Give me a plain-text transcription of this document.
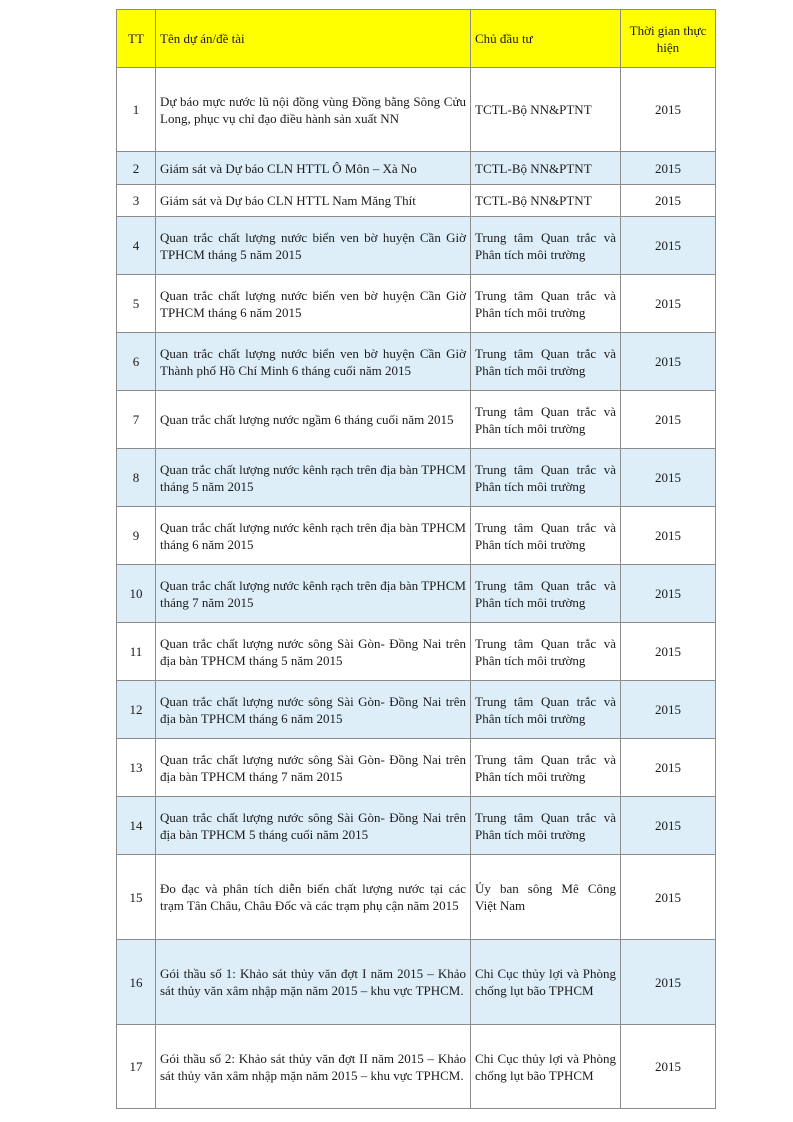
TT	Tên dự án/đề tài	Chủ đầu tư	Thời gian thực hiện
1	Dự báo mực nước lũ nội đồng vùng Đồng bằng Sông Cửu Long, phục vụ chỉ đạo điều hành sản xuất NN	TCTL-Bộ NN&PTNT	2015
2	Giám sát và Dự báo CLN HTTL Ô Môn – Xà No	TCTL-Bộ NN&PTNT	2015
3	Giám sát và Dự báo CLN HTTL Nam Măng Thít	TCTL-Bộ NN&PTNT	2015
4	Quan trắc chất lượng nước biển ven bờ huyện Cần Giờ TPHCM tháng 5 năm 2015	Trung tâm Quan trắc và Phân tích môi trường	2015
5	Quan trắc chất lượng nước biển ven bờ huyện Cần Giờ TPHCM tháng 6 năm 2015	Trung tâm Quan trắc và Phân tích môi trường	2015
6	Quan trắc chất lượng nước biển ven bờ huyện Cần Giờ Thành phố Hồ Chí Minh 6 tháng cuối năm 2015	Trung tâm Quan trắc và Phân tích môi trường	2015
7	Quan trắc chất lượng nước ngầm 6 tháng cuối năm 2015	Trung tâm Quan trắc và Phân tích môi trường	2015
8	Quan trắc chất lượng nước kênh rạch trên địa bàn TPHCM tháng 5 năm 2015	Trung tâm Quan trắc và Phân tích môi trường	2015
9	Quan trắc chất lượng nước kênh rạch trên địa bàn TPHCM tháng 6 năm 2015	Trung tâm Quan trắc và Phân tích môi trường	2015
10	Quan trắc chất lượng nước kênh rạch trên địa bàn TPHCM tháng 7 năm 2015	Trung tâm Quan trắc và Phân tích môi trường	2015
11	Quan trắc chất lượng nước sông Sài Gòn- Đồng Nai trên địa bàn TPHCM tháng 5 năm 2015	Trung tâm Quan trắc và Phân tích môi trường	2015
12	Quan trắc chất lượng nước sông Sài Gòn- Đồng Nai trên địa bàn TPHCM tháng 6 năm 2015	Trung tâm Quan trắc và Phân tích môi trường	2015
13	Quan trắc chất lượng nước sông Sài Gòn- Đồng Nai trên địa bàn TPHCM tháng 7 năm 2015	Trung tâm Quan trắc và Phân tích môi trường	2015
14	Quan trắc chất lượng nước sông Sài Gòn- Đồng Nai trên địa bàn TPHCM 5 tháng cuối năm 2015	Trung tâm Quan trắc và Phân tích môi trường	2015
15	Đo đạc và phân tích diễn biến chất lượng nước tại các trạm Tân Châu, Châu Đốc và các trạm phụ cận năm 2015	Ủy ban sông Mê Công Việt Nam	2015
16	Gói thầu số 1: Khảo sát thủy văn đợt I năm 2015 – Khảo sát thủy văn xâm nhập mặn năm 2015 – khu vực TPHCM.	Chi Cục thủy lợi và Phòng chống lụt bão TPHCM	2015
17	Gói thầu số 2: Khảo sát thủy văn đợt II năm 2015 – Khảo sát thủy văn xâm nhập mặn năm 2015 – khu vực TPHCM.	Chi Cục thủy lợi và Phòng chống lụt bão TPHCM	2015
